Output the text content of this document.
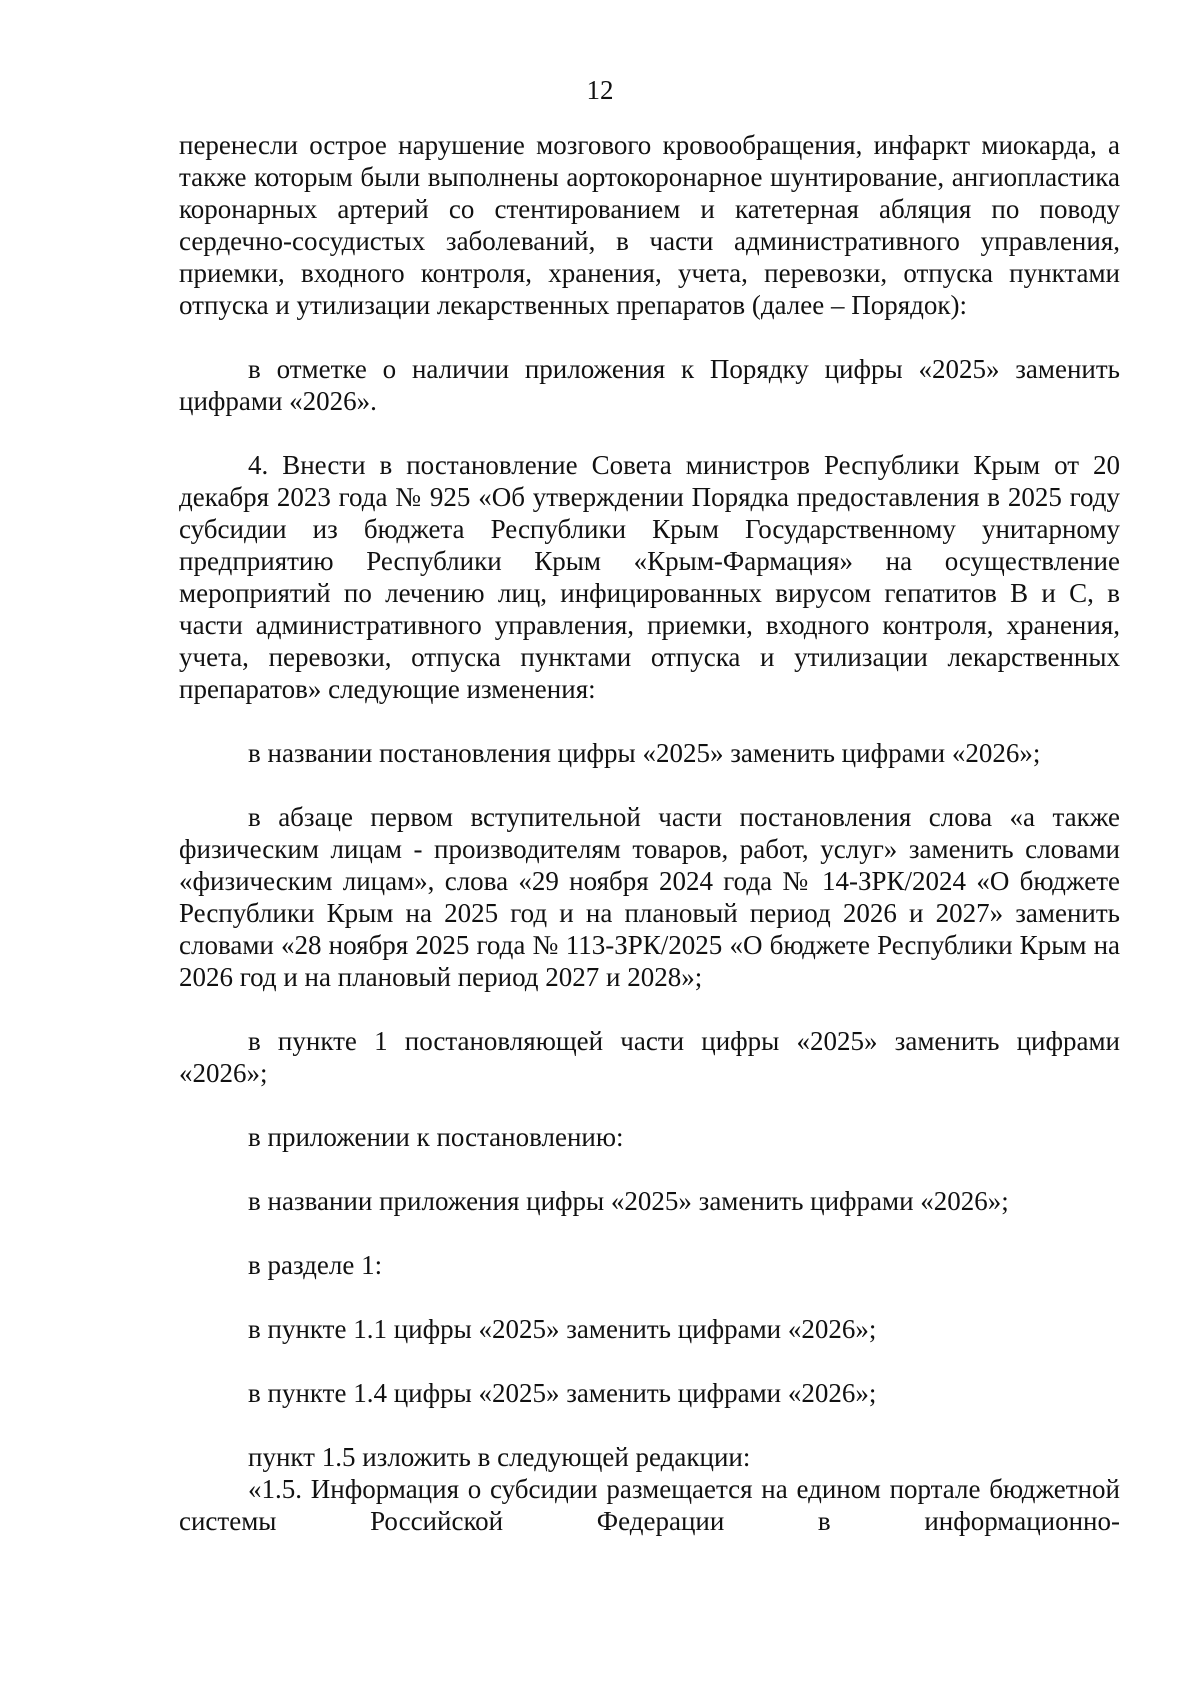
12

перенесли острое нарушение мозгового кровообращения, инфаркт миокарда, а также которым были выполнены аортокоронарное шунтирование, ангиопластика коронарных артерий со стентированием и катетерная абляция по поводу сердечно-сосудистых заболеваний, в части административного управления, приемки, входного контроля, хранения, учета, перевозки, отпуска пунктами отпуска и утилизации лекарственных препаратов (далее – Порядок):

в отметке о наличии приложения к Порядку цифры «2025» заменить цифрами «2026».

4. Внести в постановление Совета министров Республики Крым от 20 декабря 2023 года № 925 «Об утверждении Порядка предоставления в 2025 году субсидии из бюджета Республики Крым Государственному унитарному предприятию Республики Крым «Крым-Фармация» на осуществление мероприятий по лечению лиц, инфицированных вирусом гепатитов В и С, в части административного управления, приемки, входного контроля, хранения, учета, перевозки, отпуска пунктами отпуска и утилизации лекарственных препаратов» следующие изменения:

в названии постановления цифры «2025» заменить цифрами «2026»;

в абзаце первом вступительной части постановления слова «а также физическим лицам - производителям товаров, работ, услуг» заменить словами «физическим лицам», слова «29 ноября 2024 года № 14-ЗРК/2024 «О бюджете Республики Крым на 2025 год и на плановый период 2026 и 2027» заменить словами «28 ноября 2025 года № 113-ЗРК/2025 «О бюджете Республики Крым на 2026 год и на плановый период 2027 и 2028»;

в пункте 1 постановляющей части цифры «2025» заменить цифрами «2026»;

в приложении к постановлению:

в названии приложения цифры «2025» заменить цифрами «2026»;

в разделе 1:

в пункте 1.1 цифры «2025» заменить цифрами «2026»;

в пункте 1.4 цифры «2025» заменить цифрами «2026»;

пункт 1.5 изложить в следующей редакции:

«1.5. Информация о субсидии размещается на едином портале бюджетной системы Российской Федерации в информационно-
